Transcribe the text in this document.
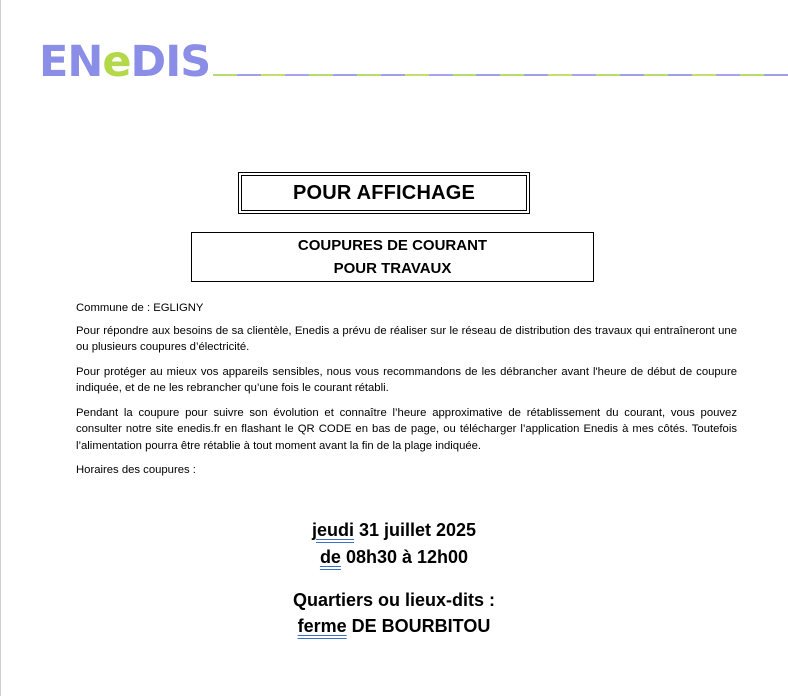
ENeDIS
POUR AFFICHAGE
COUPURES DE COURANT
POUR TRAVAUX

Commune de : EGLIGNY

Pour répondre aux besoins de sa clientèle, Enedis a prévu de réaliser sur le réseau de distribution des travaux qui entraîneront une ou plusieurs coupures d’électricité.

Pour protéger au mieux vos appareils sensibles, nous vous recommandons de les débrancher avant l'heure de début de coupure indiquée, et de ne les rebrancher qu’une fois le courant rétabli.

Pendant la coupure pour suivre son évolution et connaître l’heure approximative de rétablissement du courant, vous pouvez consulter notre site enedis.fr en flashant le QR CODE en bas de page, ou télécharger l’application Enedis à mes côtés. Toutefois l’alimentation pourra être rétablie à tout moment avant la fin de la plage indiquée.

Horaires des coupures :

jeudi 31 juillet 2025
de 08h30 à 12h00
Quartiers ou lieux-dits :
ferme DE BOURBITOU
